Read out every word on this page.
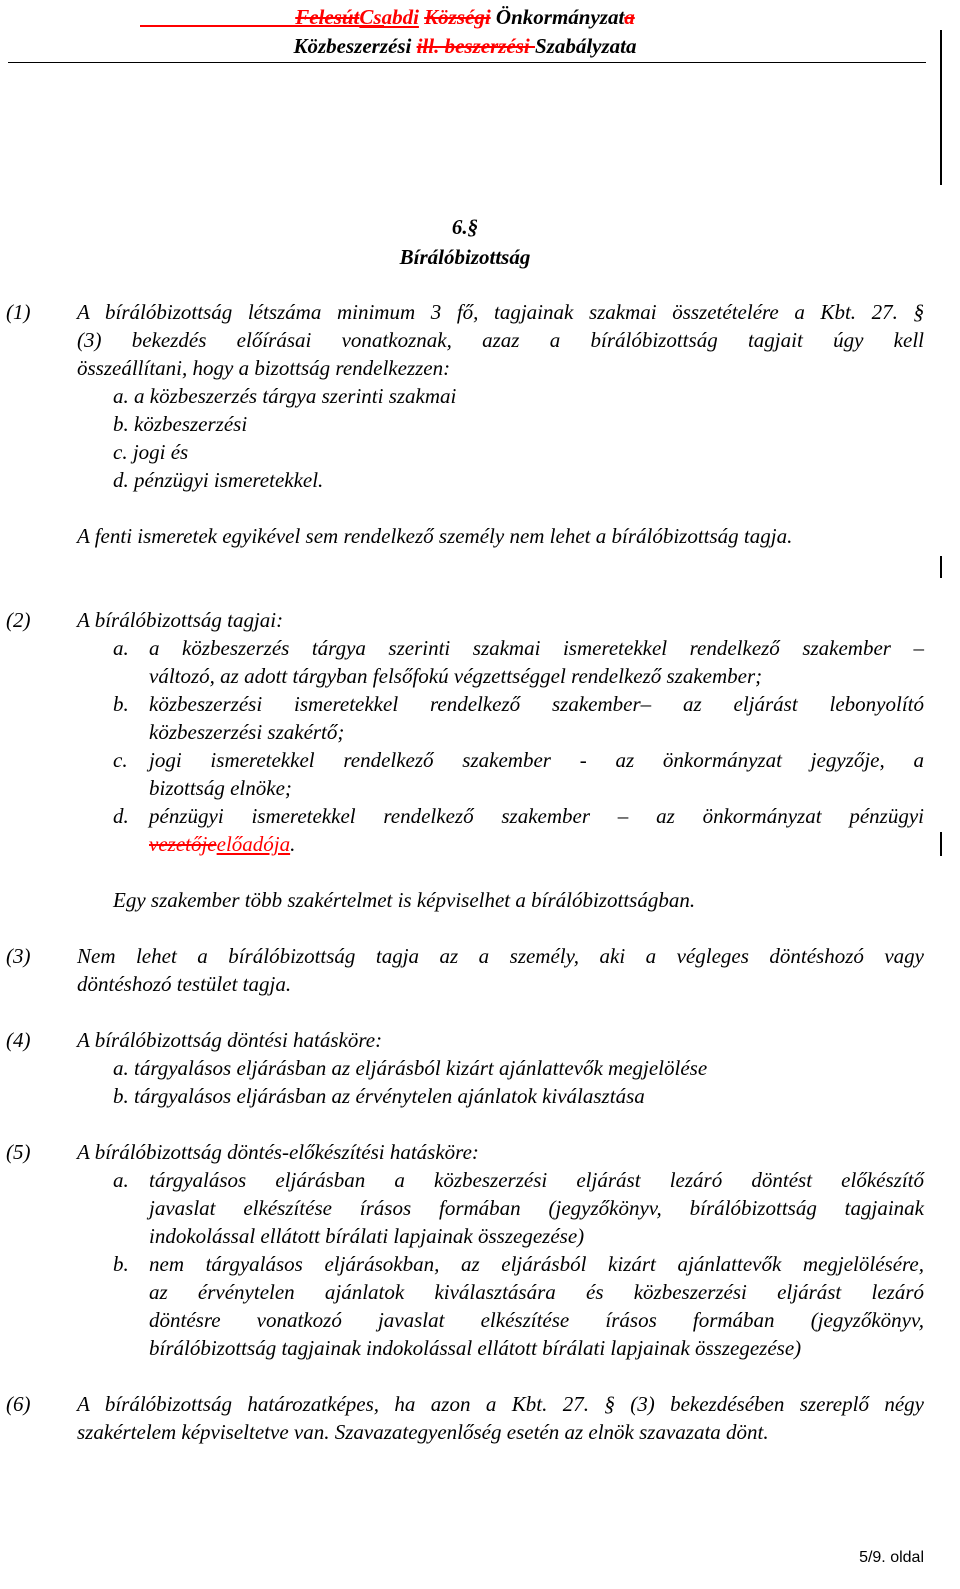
FelesútCsabdi Községi Önkormányzata
Közbeszerzési ill. beszerzési Szabályzata
6.§
Bírálóbizottság
(1) A bírálóbizottság létszáma minimum 3 fő, tagjainak szakmai összetételére a Kbt. 27. §
(3) bekezdés előírásai vonatkoznak, azaz a bírálóbizottság tagjait úgy kell
összeállítani, hogy a bizottság rendelkezzen:
a. a közbeszerzés tárgya szerinti szakmai
b. közbeszerzési
c. jogi és
d. pénzügyi ismeretekkel.
A fenti ismeretek egyikével sem rendelkező személy nem lehet a bírálóbizottság tagja.
(2) A bírálóbizottság tagjai:
a. a közbeszerzés tárgya szerinti szakmai ismeretekkel rendelkező szakember –
változó, az adott tárgyban felsőfokú végzettséggel rendelkező szakember;
b. közbeszerzési ismeretekkel rendelkező szakember– az eljárást lebonyolító
közbeszerzési szakértő;
c. jogi ismeretekkel rendelkező szakember - az önkormányzat jegyzője, a
bizottság elnöke;
d. pénzügyi ismeretekkel rendelkező szakember – az önkormányzat pénzügyi
vezetőjeelőadója.
Egy szakember több szakértelmet is képviselhet a bírálóbizottságban.
(3) Nem lehet a bírálóbizottság tagja az a személy, aki a végleges döntéshozó vagy
döntéshozó testület tagja.
(4) A bírálóbizottság döntési hatásköre:
a. tárgyalásos eljárásban az eljárásból kizárt ajánlattevők megjelölése
b. tárgyalásos eljárásban az érvénytelen ajánlatok kiválasztása
(5) A bírálóbizottság döntés-előkészítési hatásköre:
a. tárgyalásos eljárásban a közbeszerzési eljárást lezáró döntést előkészítő
javaslat elkészítése írásos formában (jegyzőkönyv, bírálóbizottság tagjainak
indokolással ellátott bírálati lapjainak összegezése)
b. nem tárgyalásos eljárásokban, az eljárásból kizárt ajánlattevők megjelölésére,
az érvénytelen ajánlatok kiválasztására és közbeszerzési eljárást lezáró
döntésre vonatkozó javaslat elkészítése írásos formában (jegyzőkönyv,
bírálóbizottság tagjainak indokolással ellátott bírálati lapjainak összegezése)
(6) A bírálóbizottság határozatképes, ha azon a Kbt. 27. § (3) bekezdésében szereplő négy
szakértelem képviseltetve van. Szavazategyenlőség esetén az elnök szavazata dönt.
5/9. oldal
